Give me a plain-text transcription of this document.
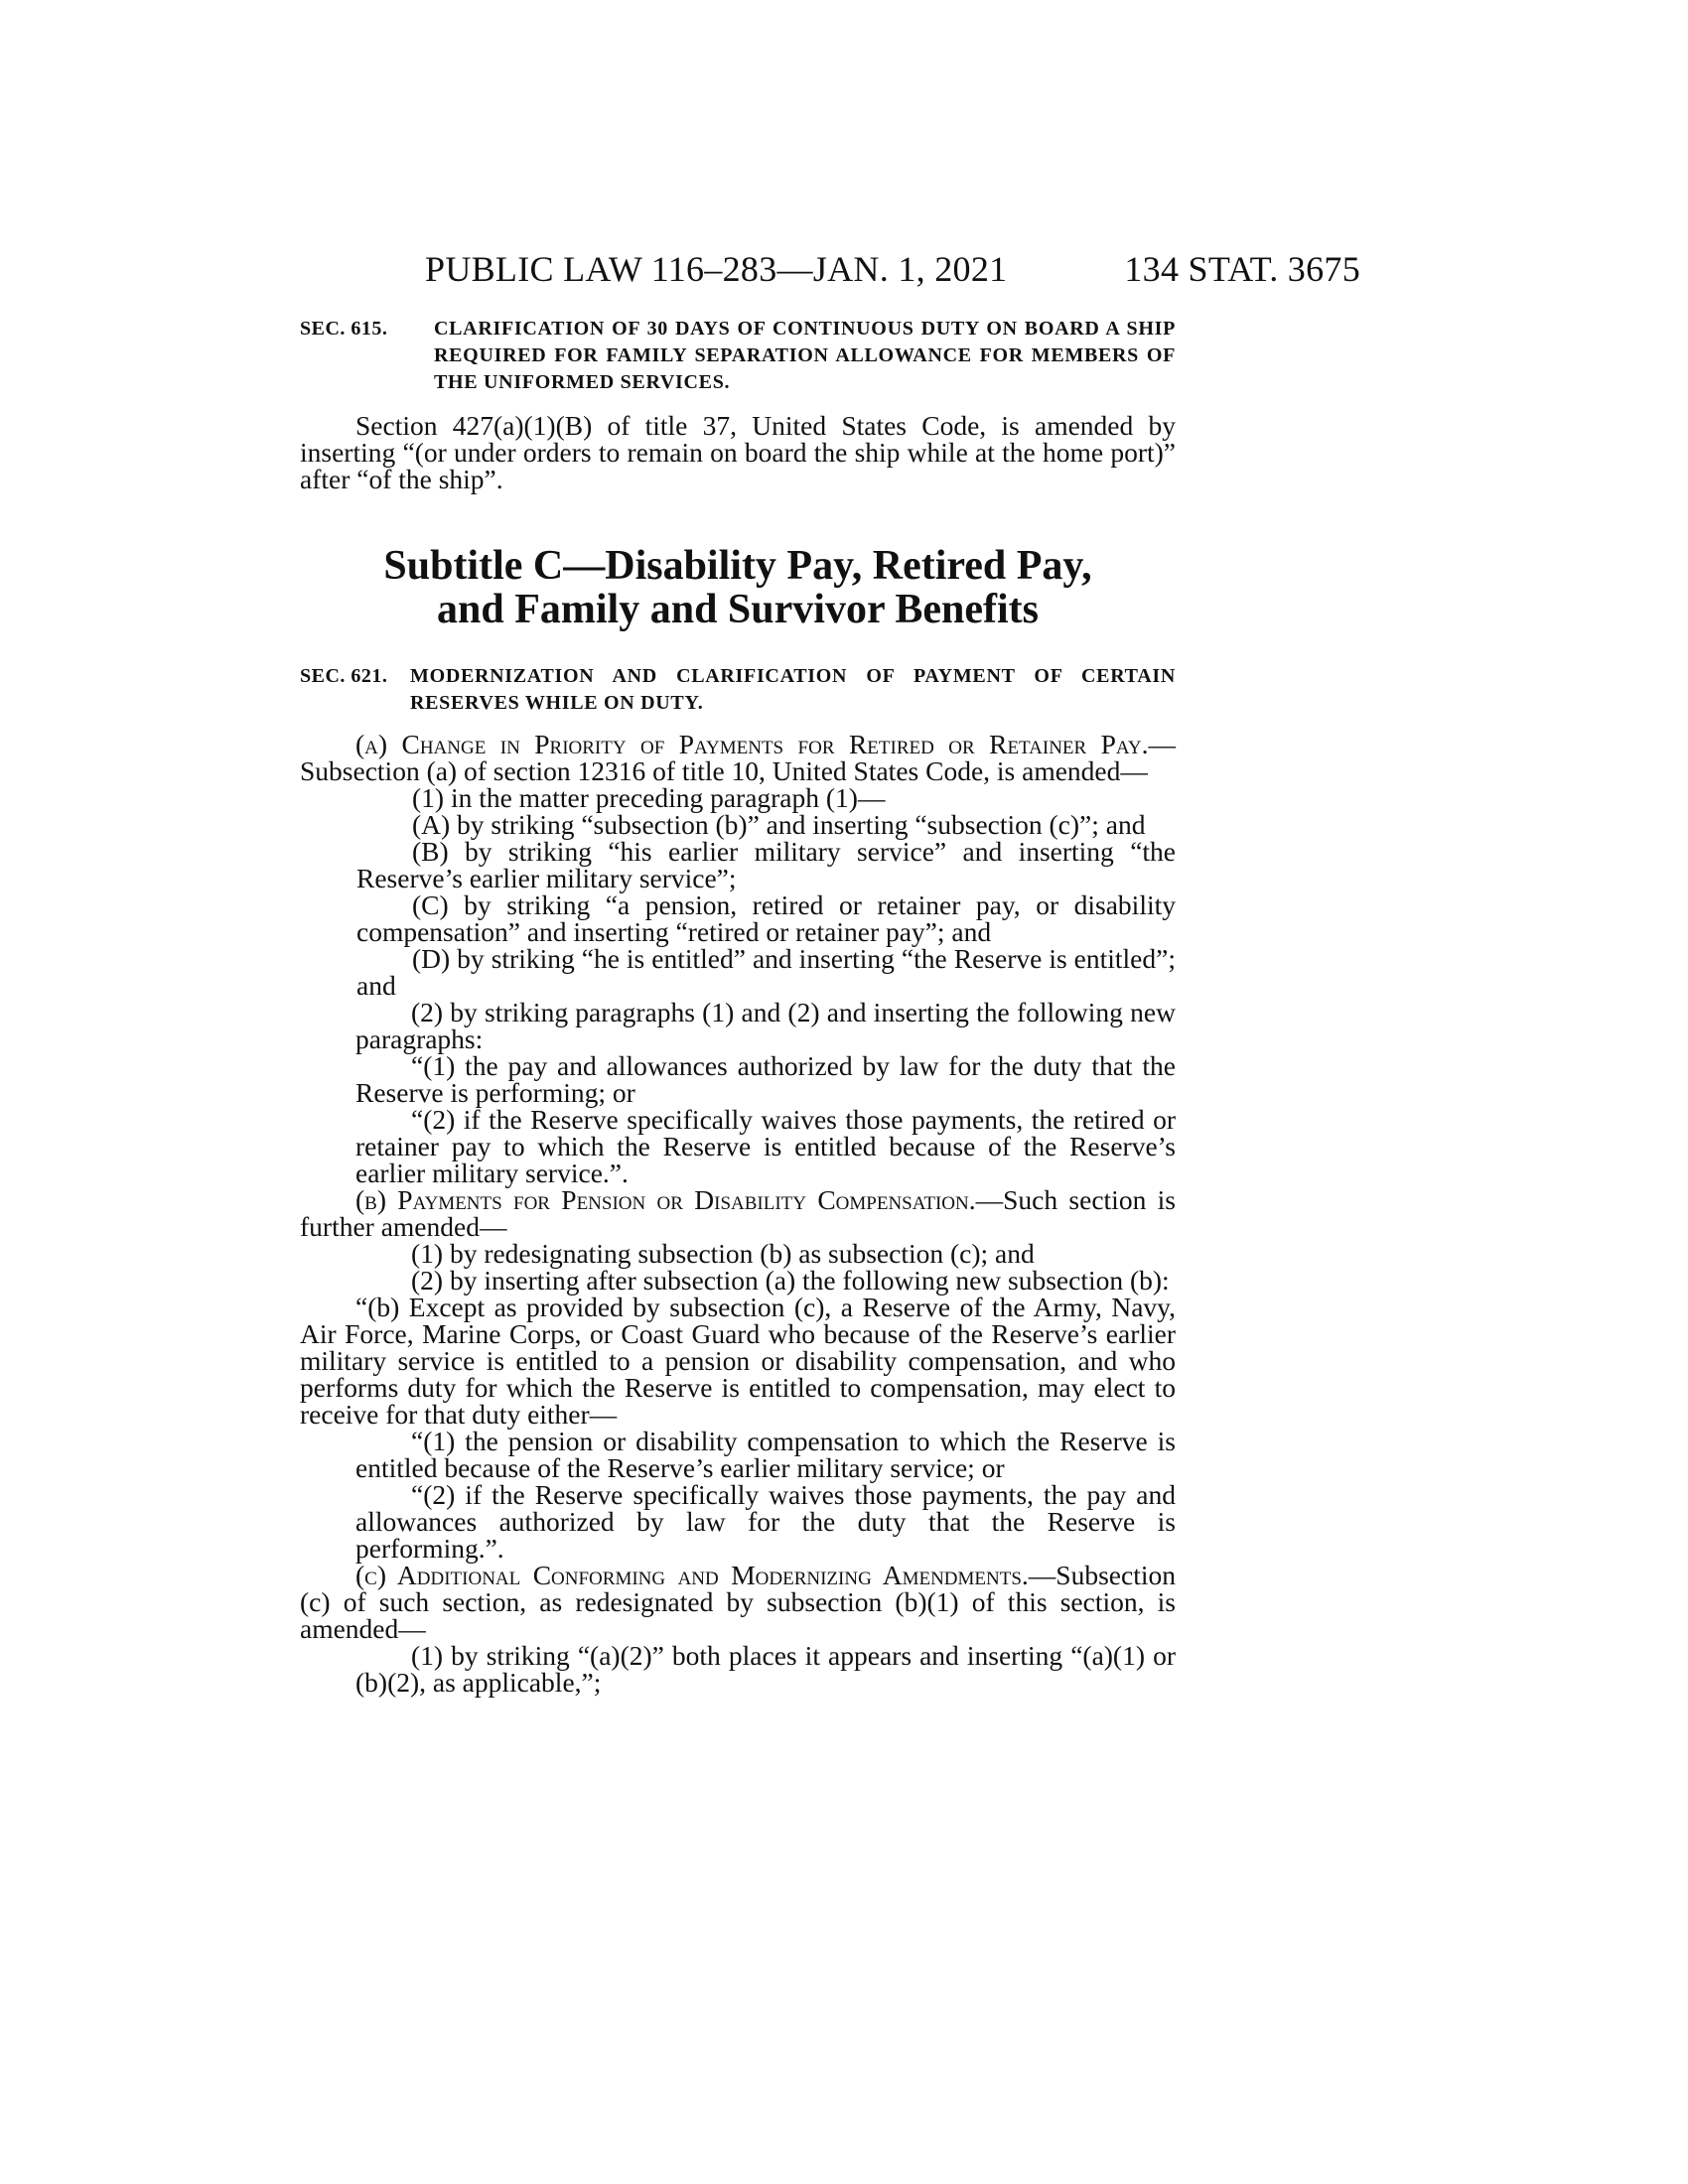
PUBLIC LAW 116–283—JAN. 1, 2021	134 STAT. 3675
SEC. 615.	CLARIFICATION OF 30 DAYS OF CONTINUOUS DUTY ON BOARD A SHIP REQUIRED FOR FAMILY SEPARATION ALLOWANCE FOR MEMBERS OF THE UNIFORMED SERVICES.

Section 427(a)(1)(B) of title 37, United States Code, is amended by inserting “(or under orders to remain on board the ship while at the home port)” after “of the ship”.

Subtitle C—Disability Pay, Retired Pay,

and Family and Survivor Benefits

SEC. 621.	MODERNIZATION AND CLARIFICATION OF PAYMENT OF CERTAIN RESERVES WHILE ON DUTY.

(a) Change in Priority of Payments for Retired or Retainer Pay.—Subsection (a) of section 12316 of title 10, United States Code, is amended—

(1) in the matter preceding paragraph (1)—

(A) by striking “subsection (b)” and inserting “subsection (c)”; and

(B) by striking “his earlier military service” and inserting “the Reserve’s earlier military service”;

(C) by striking “a pension, retired or retainer pay, or disability compensation” and inserting “retired or retainer pay”; and

(D) by striking “he is entitled” and inserting “the Reserve is entitled”; and

(2) by striking paragraphs (1) and (2) and inserting the following new paragraphs:

“(1) the pay and allowances authorized by law for the duty that the Reserve is performing; or

“(2) if the Reserve specifically waives those payments, the retired or retainer pay to which the Reserve is entitled because of the Reserve’s earlier military service.”.

(b) Payments for Pension or Disability Compensation.—Such section is further amended—

(1) by redesignating subsection (b) as subsection (c); and

(2) by inserting after subsection (a) the following new subsection (b):

“(b) Except as provided by subsection (c), a Reserve of the Army, Navy, Air Force, Marine Corps, or Coast Guard who because of the Reserve’s earlier military service is entitled to a pension or disability compensation, and who performs duty for which the Reserve is entitled to compensation, may elect to receive for that duty either—

“(1) the pension or disability compensation to which the Reserve is entitled because of the Reserve’s earlier military service; or

“(2) if the Reserve specifically waives those payments, the pay and allowances authorized by law for the duty that the Reserve is performing.”.

(c) Additional Conforming and Modernizing Amendments.—Subsection (c) of such section, as redesignated by subsection (b)(1) of this section, is amended—

(1) by striking “(a)(2)” both places it appears and inserting “(a)(1) or (b)(2), as applicable,”;
